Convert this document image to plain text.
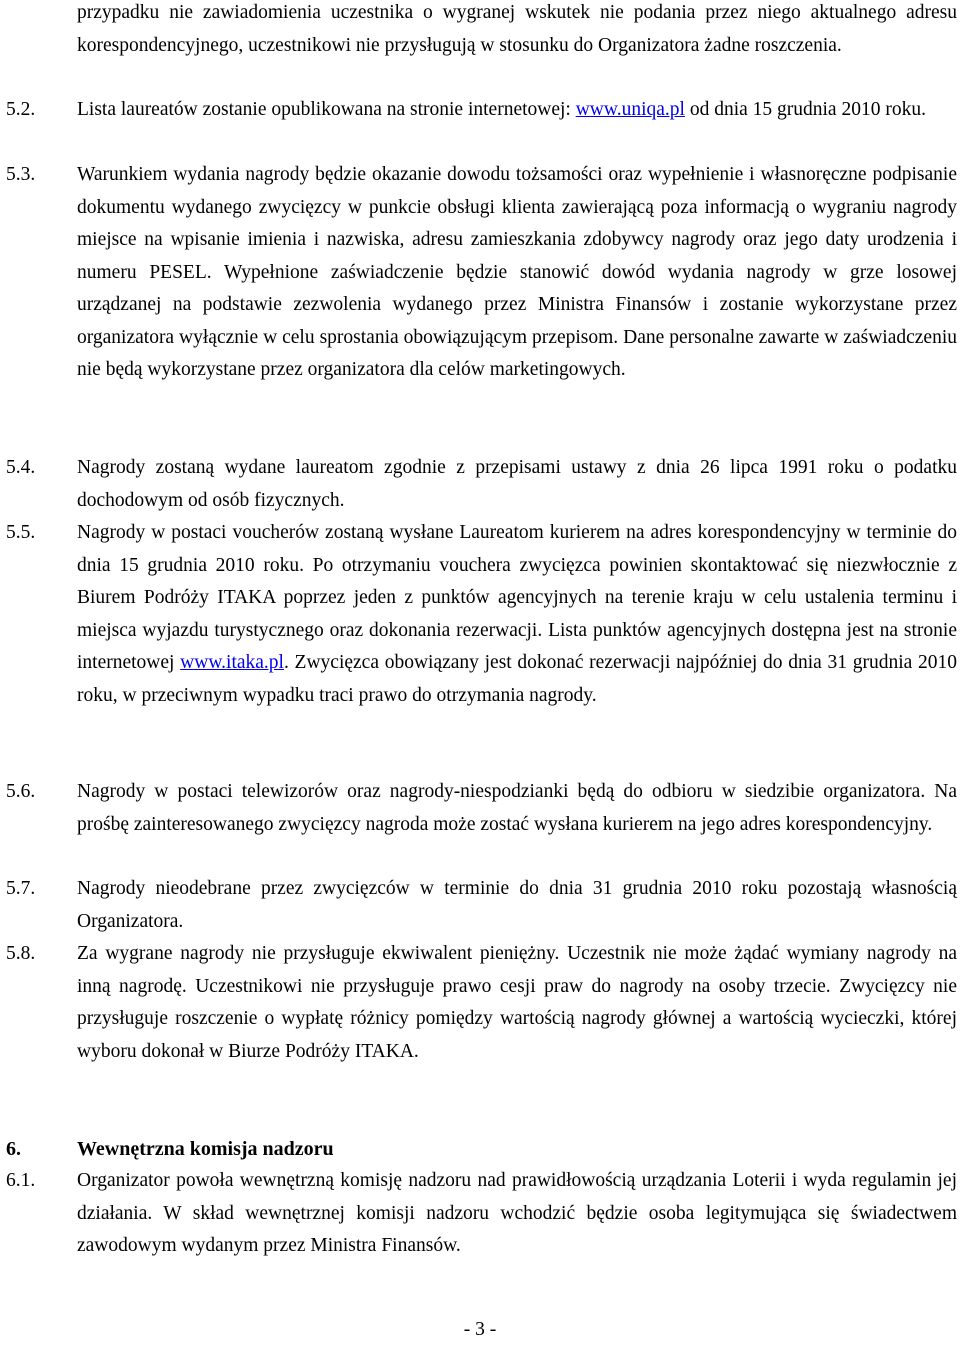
przypadku nie zawiadomienia uczestnika o wygranej wskutek nie podania przez niego aktualnego adresu korespondencyjnego, uczestnikowi nie przysługują w stosunku do Organizatora żadne roszczenia.
5.2. Lista laureatów zostanie opublikowana na stronie internetowej: www.uniqa.pl od dnia 15 grudnia 2010 roku.
5.3. Warunkiem wydania nagrody będzie okazanie dowodu tożsamości oraz wypełnienie i własnoręczne podpisanie dokumentu wydanego zwycięzcy w punkcie obsługi klienta zawierającą poza informacją o wygraniu nagrody miejsce na wpisanie imienia i nazwiska, adresu zamieszkania zdobywcy nagrody oraz jego daty urodzenia i numeru PESEL. Wypełnione zaświadczenie będzie stanowić dowód wydania nagrody w grze losowej urządzanej na podstawie zezwolenia wydanego przez Ministra Finansów i zostanie wykorzystane przez organizatora wyłącznie w celu sprostania obowiązującym przepisom. Dane personalne zawarte w zaświadczeniu nie będą wykorzystane przez organizatora dla celów marketingowych.
5.4. Nagrody zostaną wydane laureatom zgodnie z przepisami ustawy z dnia 26 lipca 1991 roku o podatku dochodowym od osób fizycznych.
5.5. Nagrody w postaci voucherów zostaną wysłane Laureatom kurierem na adres korespondencyjny w terminie do dnia 15 grudnia 2010 roku. Po otrzymaniu vouchera zwycięzca powinien skontaktować się niezwłocznie z Biurem Podróży ITAKA poprzez jeden z punktów agencyjnych na terenie kraju w celu ustalenia terminu i miejsca wyjazdu turystycznego oraz dokonania rezerwacji. Lista punktów agencyjnych dostępna jest na stronie internetowej www.itaka.pl. Zwycięzca obowiązany jest dokonać rezerwacji najpóźniej do dnia 31 grudnia 2010 roku, w przeciwnym wypadku traci prawo do otrzymania nagrody.
5.6. Nagrody w postaci telewizorów oraz nagrody-niespodzianki będą do odbioru w siedzibie organizatora. Na prośbę zainteresowanego zwycięzcy nagroda może zostać wysłana kurierem na jego adres korespondencyjny.
5.7. Nagrody nieodebrane przez zwycięzców w terminie do dnia 31 grudnia 2010 roku pozostają własnością Organizatora.
5.8. Za wygrane nagrody nie przysługuje ekwiwalent pieniężny. Uczestnik nie może żądać wymiany nagrody na inną nagrodę. Uczestnikowi nie przysługuje prawo cesji praw do nagrody na osoby trzecie. Zwycięzcy nie przysługuje roszczenie o wypłatę różnicy pomiędzy wartością nagrody głównej a wartością wycieczki, której wyboru dokonał w Biurze Podróży ITAKA.
6.	Wewnętrzna komisja nadzoru
6.1. Organizator powoła wewnętrzną komisję nadzoru nad prawidłowością urządzania Loterii i wyda regulamin jej działania. W skład wewnętrznej komisji nadzoru wchodzić będzie osoba legitymująca się świadectwem zawodowym wydanym przez Ministra Finansów.
- 3 -
